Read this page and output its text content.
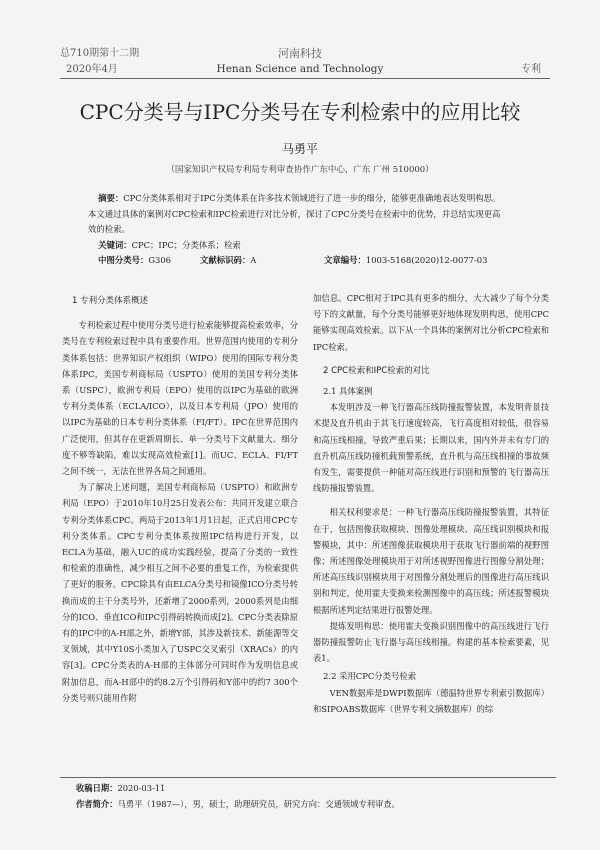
总710期第十二期
2020年4月
河南科技
Henan Science and Technology	专利
CPC分类号与IPC分类号在专利检索中的应用比较
马勇平
（国家知识产权局专利局专利审查协作广东中心，广东 广州 510000）
摘要：CPC分类体系相对于IPC分类体系在许多技术领域进行了进一步的细分，能够更准确地表达发明构思。本文通过具体的案例对CPC检索和IPC检索进行对比分析，探讨了CPC分类号在检索中的优势，并总结实现更高效的检索。
关键词：CPC；IPC；分类体系；检索
中图分类号：G306	文献标识码：A	文章编号：1003-5168(2020)12-0077-03

1 专利分类体系概述

专利检索过程中使用分类号进行检索能够提高检索效率，分类号在专利检索过程中具有重要作用。世界范围内使用的专利分类体系包括：世界知识产权组织（WIPO）使用的国际专利分类体系IPC，美国专利商标局（USPTO）使用的美国专利分类体系（USPC），欧洲专利局（EPO）使用的以IPC为基础的欧洲专利分类体系（ECLA/ICO），以及日本专利局（JPO）使用的以IPC为基础的日本专利分类体系（FI/FT）。IPC在世界范围内广泛使用，但其存在更新周期长、单一分类号下文献量大、细分度不够等缺陷，难以实现高效检索[1]。而UC、ECLA、FI/FT之间不统一，无法在世界各局之间通用。

为了解决上述问题，美国专利商标局（USPTO）和欧洲专利局（EPO）于2010年10月25日发表公布：共同开发建立联合专利分类体系CPC。两局于2013年1月1日起，正式启用CPC专利分类体系。CPC专利分类体系按照IPC结构进行开发，以ECLA为基础，融入UC的成功实践经验，提高了分类的一致性和检索的准确性，减少相互之间不必要的重复工作，为检索提供了更好的服务。CPC除具有由ELCA分类号和镜像ICO分类号转换而成的主干分类号外，还新增了2000系列，2000系列是由细分的ICO、垂直ICO和IPC引得码转换而成[2]。CPC分类表除原有的IPC中的A-H部之外，新增Y部，其涉及新技术、新能源等交叉领域，其中Y10S小类加入了USPC交叉索引（XRACs）的内容[3]。CPC分类表的A-H部的主体部分可同时作为发明信息或附加信息，而A-H部中的约8.2万个引得码和Y部中的约7 300个分类号则只能用作附

加信息。CPC相对于IPC具有更多的细分，大大减少了每个分类号下的文献量，每个分类号能够更好地体现发明构思，使用CPC能够实现高效检索。以下从一个具体的案例对比分析CPC检索和IPC检索。

2 CPC检索和IPC检索的对比

2.1 具体案例

本发明涉及一种飞行器高压线防撞报警装置，本发明背景技术提及直升机由于其飞行速度较高，飞行高度相对较低，很容易和高压线相撞，导致严重后果；长期以来，国内外并未有专门的直升机高压线防撞机载预警系统，直升机与高压线相撞的事故频有发生，需要提供一种能对高压线进行识别和预警的飞行器高压线防撞报警装置。

相关权利要求是：一种飞行器高压线防撞报警装置，其特征在于，包括图像获取模块、图像处理模块、高压线识别模块和报警模块，其中：所述图像获取模块用于获取飞行器前端的视野图像；所述图像处理模块用于对所述视野图像进行图像分割处理；所述高压线识别模块用于对图像分割处理后的图像进行高压线识别和判定，使用霍夫变换来检测图像中的高压线；所述报警模块根据所述判定结果进行报警处理。

提炼发明构思：使用霍夫变换识别图像中的高压线进行飞行器防撞报警防止飞行器与高压线相撞。构建的基本检索要素，见表1。

2.2 采用CPC分类号检索

VEN数据库是DWPI数据库（德温特世界专利索引数据库）和SIPOABS数据库（世界专利文摘数据库）的综

收稿日期：2020-03-11
作者简介：马勇平（1987—），男，硕士，助理研究员，研究方向：交通领域专利审查。
